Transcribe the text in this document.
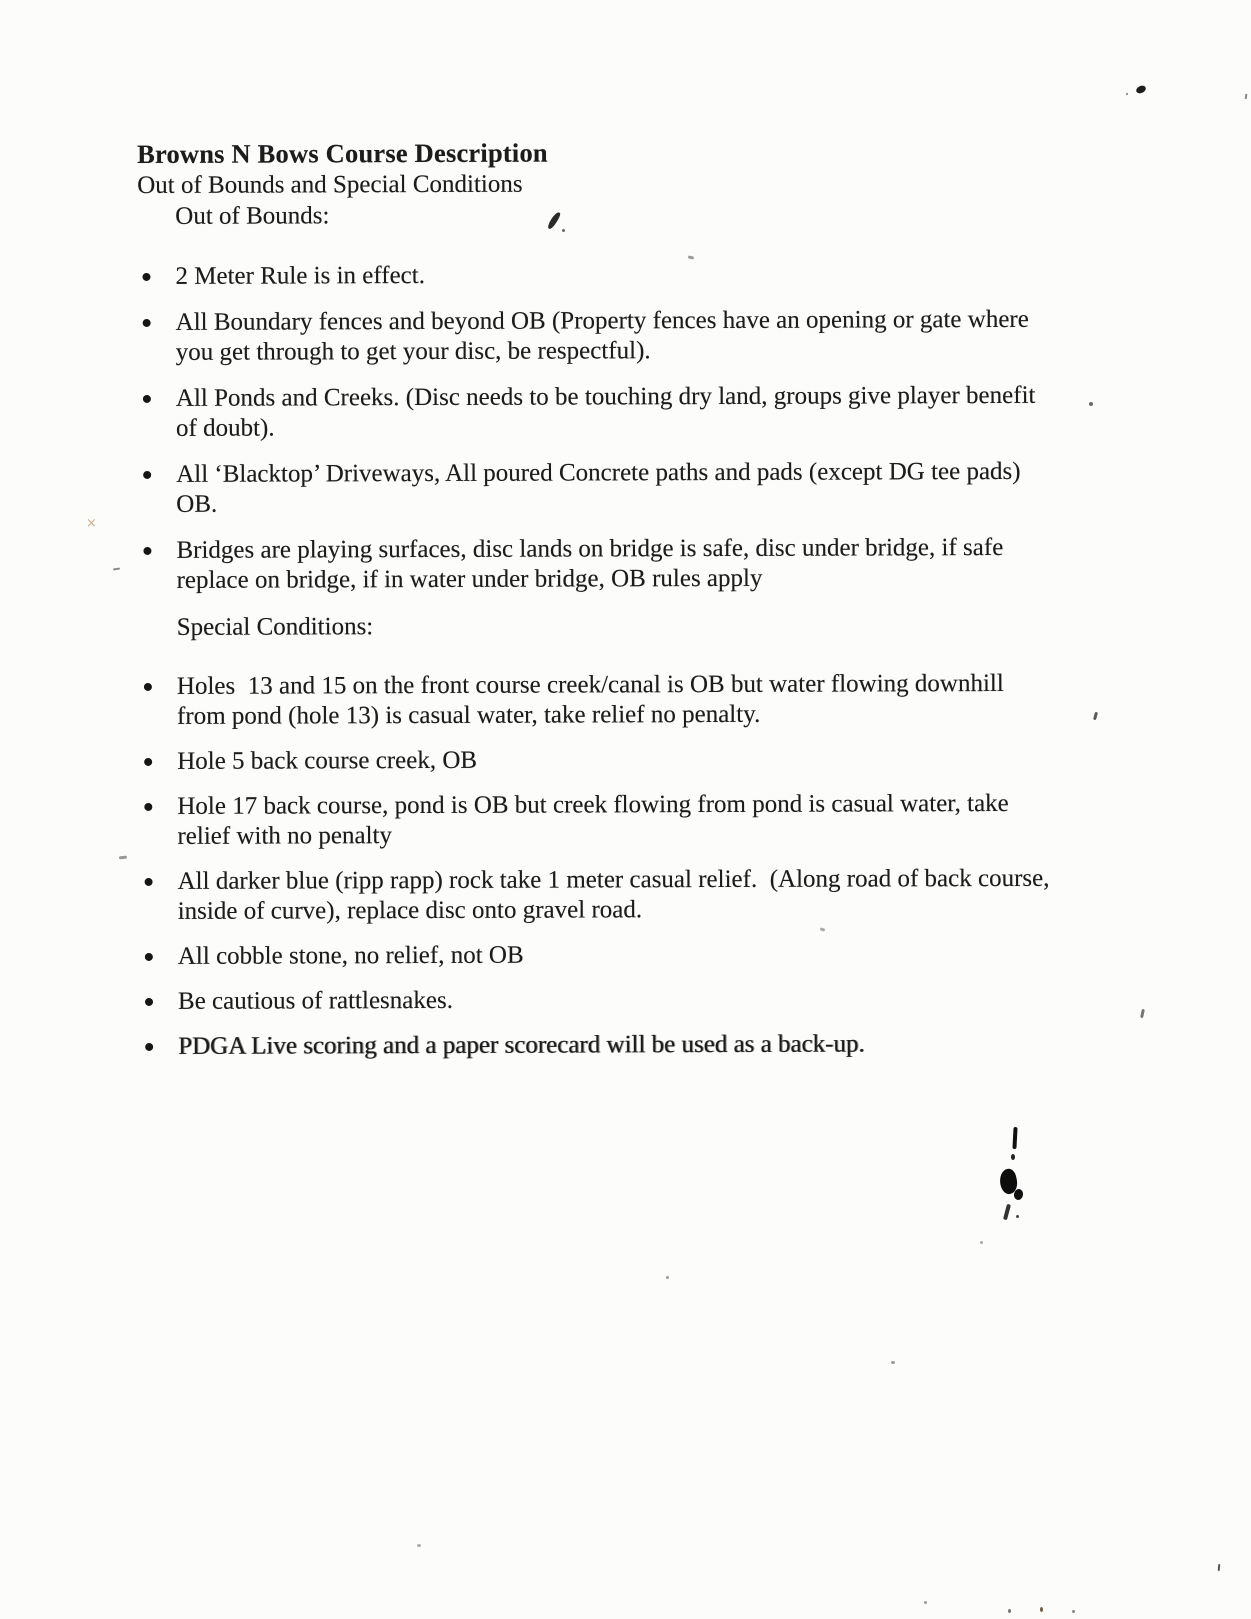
Browns N Bows Course Description
Out of Bounds and Special Conditions
Out of Bounds:
2 Meter Rule is in effect.
All Boundary fences and beyond OB (Property fences have an opening or gate where you get through to get your disc, be respectful).
All Ponds and Creeks. (Disc needs to be touching dry land, groups give player benefit of doubt).
All ‘Blacktop’ Driveways, All poured Concrete paths and pads (except DG tee pads) OB.
Bridges are playing surfaces, disc lands on bridge is safe, disc under bridge, if safe replace on bridge, if in water under bridge, OB rules apply
Special Conditions:
Holes  13 and 15 on the front course creek/canal is OB but water flowing downhill from pond (hole 13) is casual water, take relief no penalty.
Hole 5 back course creek, OB
Hole 17 back course, pond is OB but creek flowing from pond is casual water, take relief with no penalty
All darker blue (ripp rapp) rock take 1 meter casual relief.  (Along road of back course, inside of curve), replace disc onto gravel road.
All cobble stone, no relief, not OB
Be cautious of rattlesnakes.
PDGA Live scoring and a paper scorecard will be used as a back-up.
×
